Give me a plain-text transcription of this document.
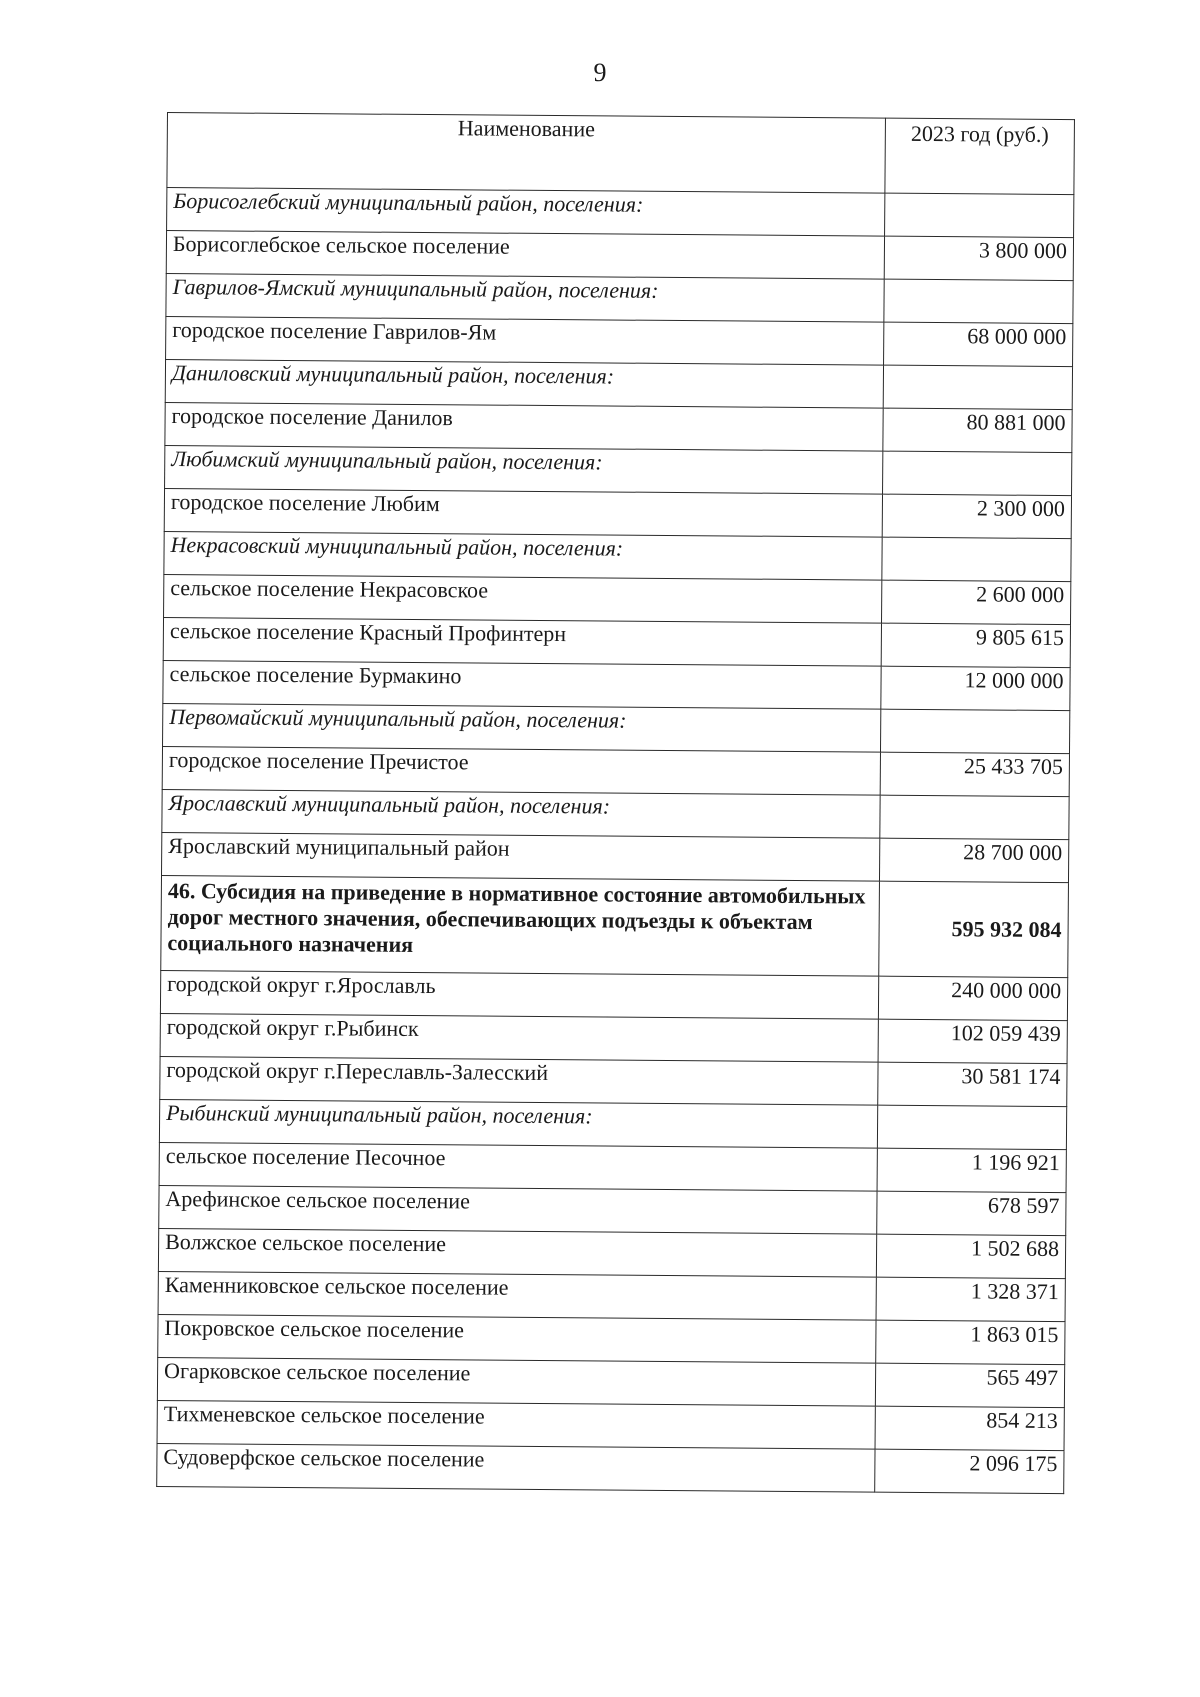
9
Наименование	2023 год (руб.)
Борисоглебский муниципальный район, поселения:	
Борисоглебское сельское поселение	3 800 000
Гаврилов-Ямский муниципальный район, поселения:	
городское поселение Гаврилов-Ям	68 000 000
Даниловский муниципальный район, поселения:	
городское поселение Данилов	80 881 000
Любимский муниципальный район, поселения:	
городское поселение Любим	2 300 000
Некрасовский муниципальный район, поселения:	
сельское поселение Некрасовское	2 600 000
сельское поселение Красный Профинтерн	9 805 615
сельское поселение Бурмакино	12 000 000
Первомайский муниципальный район, поселения:	
городское поселение Пречистое	25 433 705
Ярославский муниципальный район, поселения:	
Ярославский муниципальный район	28 700 000
46. Субсидия на приведение в нормативное состояние автомобильных дорог местного значения, обеспечивающих подъезды к объектам социального назначения	595 932 084
городской округ г.Ярославль	240 000 000
городской округ г.Рыбинск	102 059 439
городской округ г.Переславль-Залесский	30 581 174
Рыбинский муниципальный район, поселения:	
сельское поселение Песочное	1 196 921
Арефинское сельское поселение	678 597
Волжское сельское поселение	1 502 688
Каменниковское сельское поселение	1 328 371
Покровское сельское поселение	1 863 015
Огарковское сельское поселение	565 497
Тихменевское сельское поселение	854 213
Судоверфское сельское поселение	2 096 175
